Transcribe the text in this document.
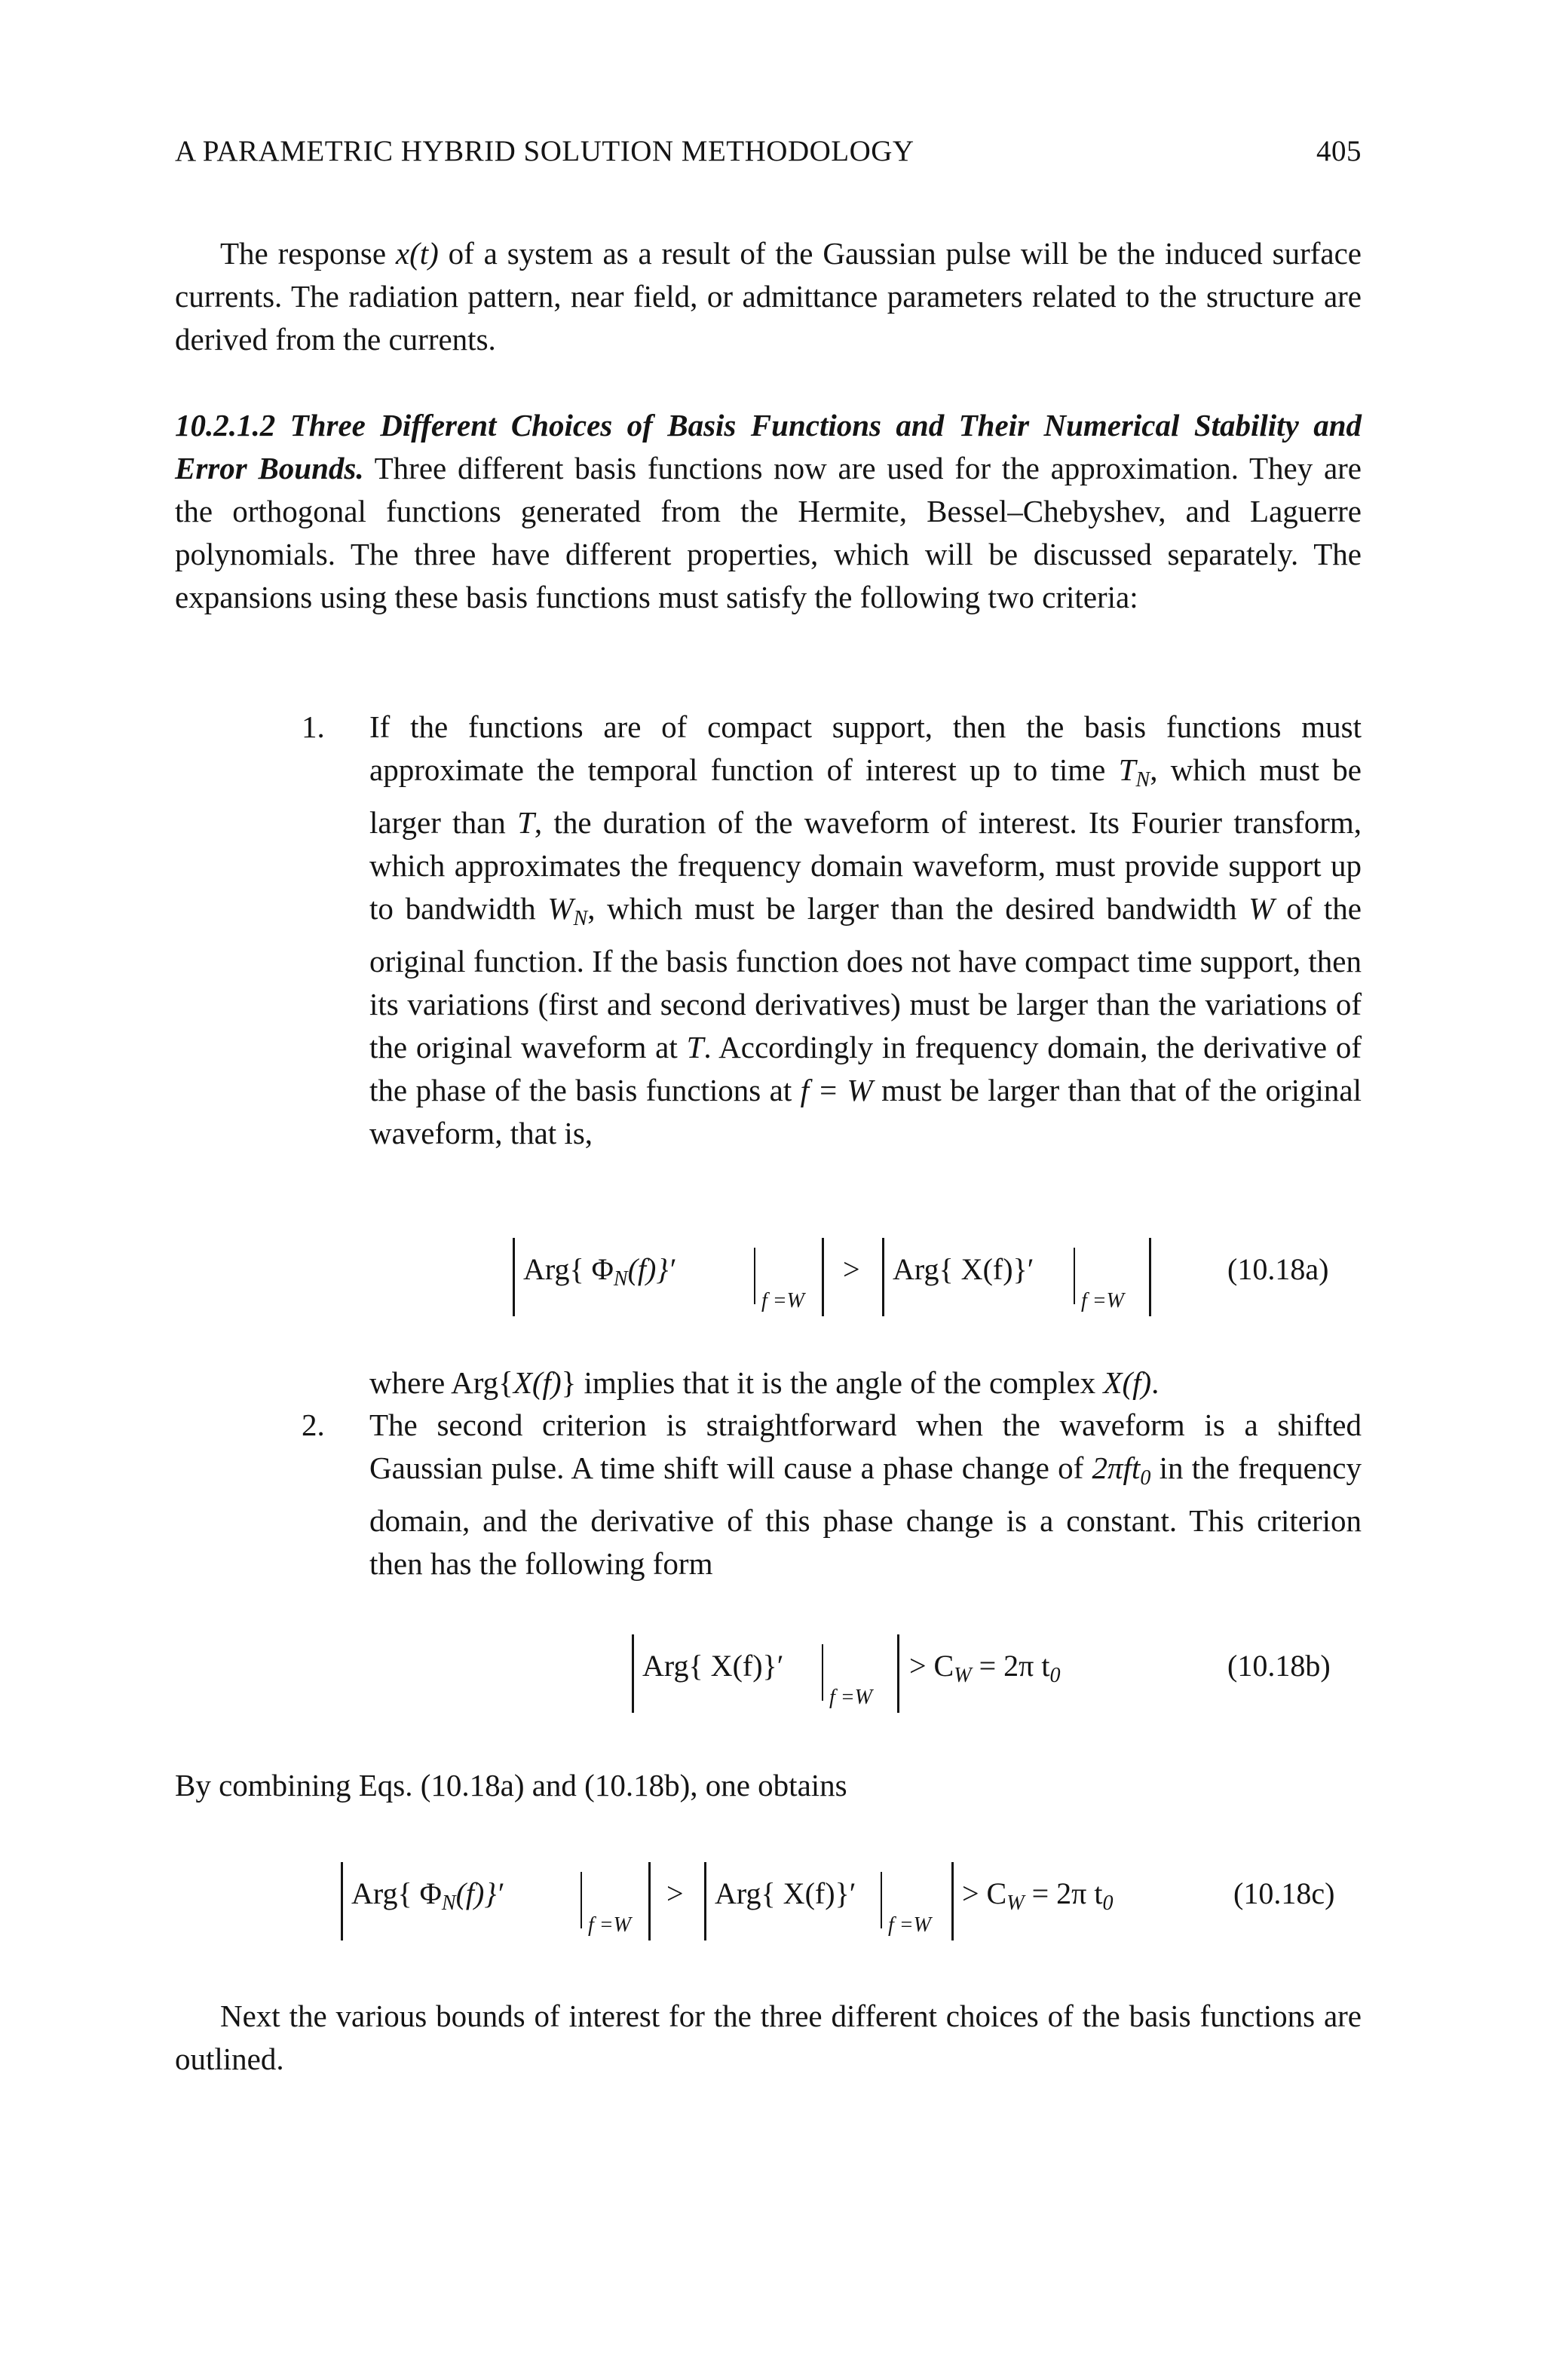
A PARAMETRIC HYBRID SOLUTION METHODOLOGY	405

The response x(t) of a system as a result of the Gaussian pulse will be the induced surface currents. The radiation pattern, near field, or admittance parameters related to the structure are derived from the currents.

10.2.1.2 Three Different Choices of Basis Functions and Their Numerical Stability and Error Bounds. Three different basis functions now are used for the approximation. They are the orthogonal functions generated from the Hermite, Bessel–Chebyshev, and Laguerre polynomials. The three have different properties, which will be discussed separately. The expansions using these basis functions must satisfy the following two criteria:

1. If the functions are of compact support, then the basis functions must approximate the temporal function of interest up to time $T_N$, which must be larger than T, the duration of the waveform of interest. Its Fourier transform, which approximates the frequency domain waveform, must provide support up to bandwidth $W_N$, which must be larger than the desired bandwidth W of the original function. If the basis function does not have compact time support, then its variations (first and second derivatives) must be larger than the variations of the original waveform at T. Accordingly in frequency domain, the derivative of the phase of the basis functions at f = W must be larger than that of the original waveform, that is,
Arg{ $\Phi_N(f)\}'$
f =W
> Arg{ X(f)}′
f =W
(10.18a)
where Arg{X(f)} implies that it is the angle of the complex X(f).
2. The second criterion is straightforward when the waveform is a shifted Gaussian pulse. A time shift will cause a phase change of 2πft$_0$ in the frequency domain, and the derivative of this phase change is a constant. This criterion then has the following form
Arg{ X(f)}′
f =W
> $C_W = 2\pi$ $t_0$	(10.18b)

By combining Eqs. (10.18a) and (10.18b), one obtains

Arg{ $\Phi_N(f)\}'$
f =W
> Arg{ X(f)}′
f =W
> $C_W = 2\pi$ $t_0$	(10.18c)

Next the various bounds of interest for the three different choices of the basis functions are outlined.
